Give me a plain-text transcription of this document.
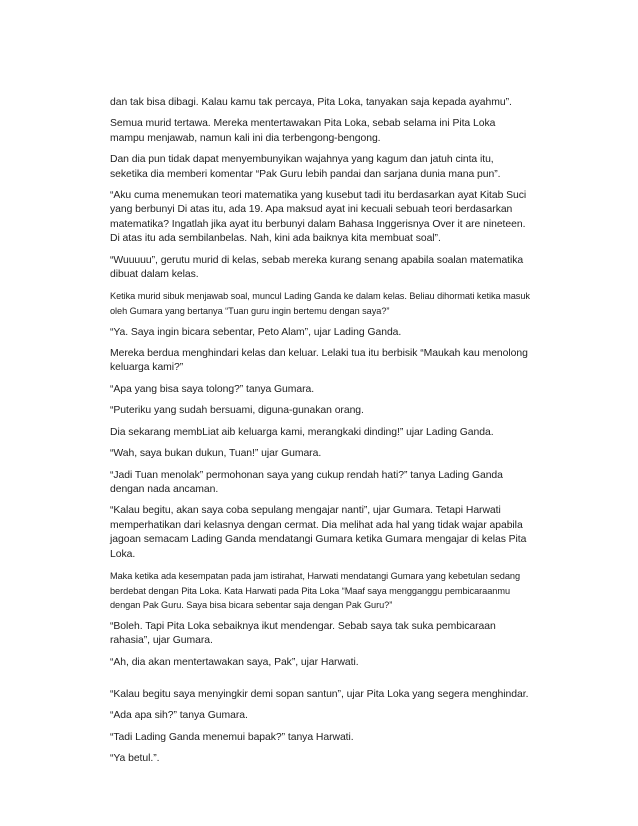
dan tak bisa dibagi. Kalau kamu tak percaya, Pita Loka, tanyakan saja kepada ayahmu”.

Semua murid tertawa. Mereka mentertawakan Pita Loka, sebab selama ini Pita Loka mampu menjawab, namun kali ini dia terbengong-bengong.

Dan dia pun tidak dapat menyembunyikan wajahnya yang kagum dan jatuh cinta itu, seketika dia memberi komentar “Pak Guru lebih pandai dan sarjana dunia mana pun”.

“Aku cuma menemukan teori matematika yang kusebut tadi itu berdasarkan ayat Kitab Suci yang berbunyi Di atas itu, ada 19. Apa maksud ayat ini kecuali sebuah teori berdasarkan matematika? Ingatlah jika ayat itu berbunyi dalam Bahasa Inggerisnya Over it are nineteen. Di atas itu ada sembilanbelas. Nah, kini ada baiknya kita membuat soal”.

“Wuuuuu”, gerutu murid di kelas, sebab mereka kurang senang apabila soalan matematika dibuat dalam kelas.

Ketika murid sibuk menjawab soal, muncul Lading Ganda ke dalam kelas. Beliau dihormati ketika masuk oleh Gumara yang bertanya “Tuan guru ingin bertemu dengan saya?”

“Ya. Saya ingin bicara sebentar, Peto Alam”, ujar Lading Ganda.

Mereka berdua menghindari kelas dan keluar. Lelaki tua itu berbisik “Maukah kau menolong keluarga kami?”

“Apa yang bisa saya tolong?” tanya Gumara.

“Puteriku yang sudah bersuami, diguna-gunakan orang.

Dia sekarang membLiat aib keluarga kami, merangkaki dinding!” ujar Lading Ganda.

“Wah, saya bukan dukun, Tuan!” ujar Gumara.

“Jadi Tuan menolak” permohonan saya yang cukup rendah hati?” tanya Lading Ganda dengan nada ancaman.

“Kalau begitu, akan saya coba sepulang mengajar nanti”, ujar Gumara. Tetapi Harwati memperhatikan dari kelasnya dengan cermat. Dia melihat ada hal yang tidak wajar apabila jagoan semacam Lading Ganda mendatangi Gumara ketika Gumara mengajar di kelas Pita Loka.

Maka ketika ada kesempatan pada jam istirahat, Harwati mendatangi Gumara yang kebetulan sedang berdebat dengan Pita Loka. Kata Harwati pada Pita Loka “Maaf saya mengganggu pembicaraanmu dengan Pak Guru. Saya bisa bicara sebentar saja dengan Pak Guru?”

“Boleh. Tapi Pita Loka sebaiknya ikut mendengar. Sebab saya tak suka pembicaraan rahasia”, ujar Gumara.

“Ah, dia akan mentertawakan saya, Pak”, ujar Harwati.

“Kalau begitu saya menyingkir demi sopan santun”, ujar Pita Loka yang segera menghindar.

“Ada apa sih?” tanya Gumara.

“Tadi Lading Ganda menemui bapak?” tanya Harwati.

“Ya betul.”.
